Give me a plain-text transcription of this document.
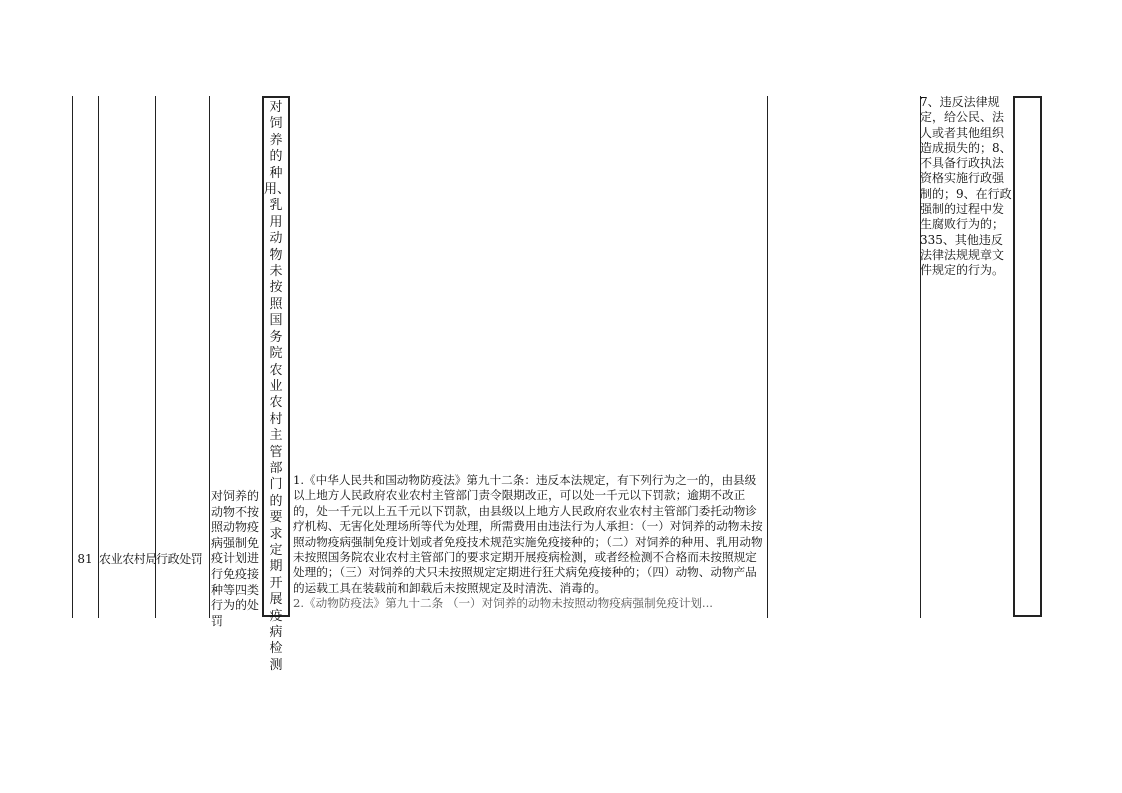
81 农业农村局
行政处罚
对饲养的动物不按照动物疫病强制免疫计划进行免疫接种等四类行为的处罚
对饲养的种用、乳用动物未按照国务院农业农村主管部门的要求定期开展疫病检测
1.《中华人民共和国动物防疫法》第九十二条：违反本法规定，有下列行为之一的，由县级以上地方人民政府农业农村主管部门责令限期改正，可以处一千元以下罚款；逾期不改正的，处一千元以上五千元以下罚款，由县级以上地方人民政府农业农村主管部门委托动物诊疗机构、无害化处理场所等代为处理，所需费用由违法行为人承担：（一）对饲养的动物未按照动物疫病强制免疫计划或者免疫技术规范实施免疫接种的；（二）对饲养的种用、乳用动物未按照国务院农业农村主管部门的要求定期开展疫病检测，或者经检测不合格而未按照规定处理的；（三）对饲养的犬只未按照规定定期进行狂犬病免疫接种的；（四）动物、动物产品的运载工具在装载前和卸载后未按照规定及时清洗、消毒的。
2.《动物防疫法》第九十二条 （一）对饲养的动物未按照动物疫病强制免疫计划...
7、违反法律规定，给公民、法人或者其他组织造成损失的；8、不具备行政执法资格实施行政强制的；9、在行政强制的过程中发生腐败行为的；335、其他违反法律法规规章文件规定的行为。
